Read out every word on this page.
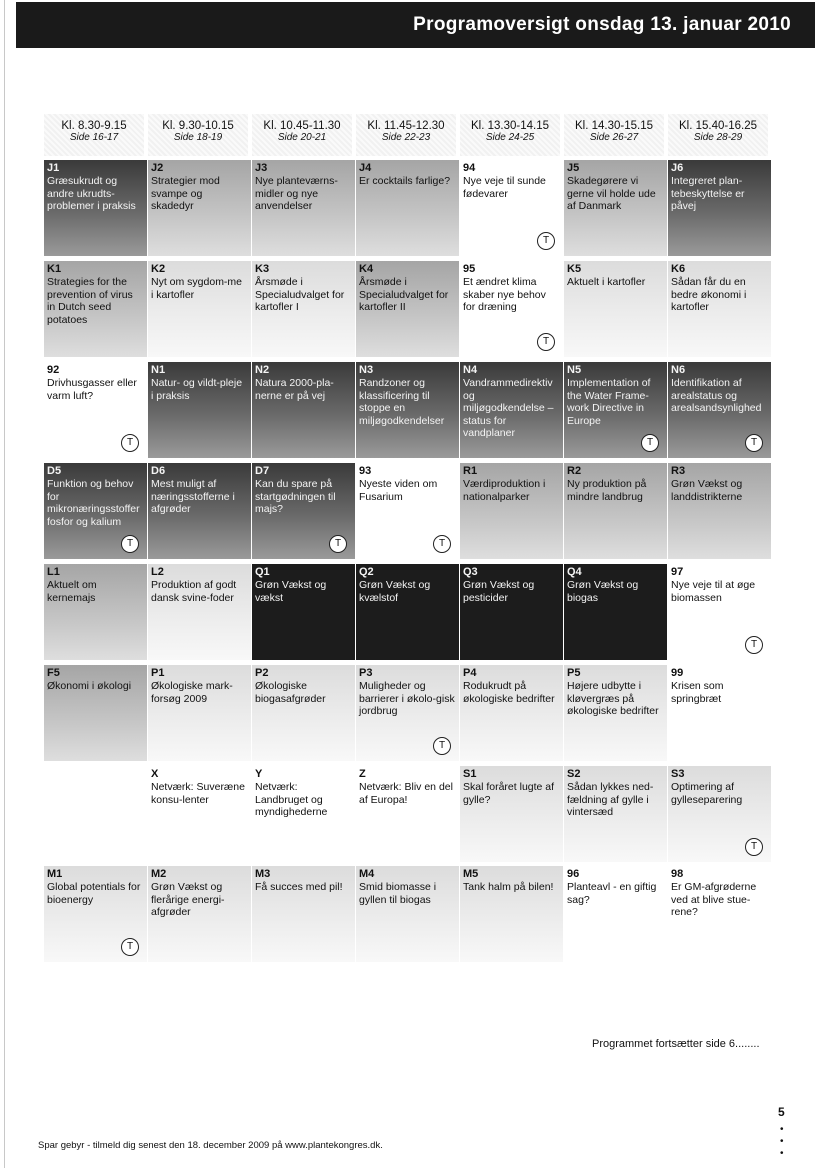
Programoversigt onsdag 13. januar 2010
Kl. 8.30-9.15
Side 16-17
Kl. 9.30-10.15
Side 18-19
Kl. 10.45-11.30
Side 20-21
Kl. 11.45-12.30
Side 22-23
Kl. 13.30-14.15
Side 24-25
Kl. 14.30-15.15
Side 26-27
Kl. 15.40-16.25
Side 28-29
J1
Græsukrudt og andre ukrudts-problemer i praksis
J2
Strategier mod svampe og skadedyr
J3
Nye planteværns-midler og nye anvendelser
J4
Er cocktails farlige?
94
Nye veje til sunde fødevarer
T
J5
Skadegørere vi gerne vil holde ude af Danmark
J6
Integreret plan-tebeskyttelse er påvej
K1
Strategies for the prevention of virus in Dutch seed potatoes
K2
Nyt om sygdom-me i kartofler
K3
Årsmøde i Specialudvalget for kartofler I
K4
Årsmøde i Specialudvalget for kartofler II
95
Et ændret klima skaber nye behov for dræning
T
K5
Aktuelt i kartofler
K6
Sådan får du en bedre økonomi i kartofler
92
Drivhusgasser eller varm luft?
T
N1
Natur- og vildt-pleje i praksis
N2
Natura 2000-pla-nerne er på vej
N3
Randzoner og klassificering til stoppe en miljøgodkendelser
N4
Vandrammedirektiv og miljøgodkendelse – status for vandplaner
N5
Implementation of the Water Frame-work Directive in Europe
T
N6
Identifikation af arealstatus og arealsandsynlighed
T
D5
Funktion og behov for mikronæringsstoffer fosfor og kalium
T
D6
Mest muligt af næringsstofferne i afgrøder
D7
Kan du spare på startgødningen til majs?
T
93
Nyeste viden om Fusarium
T
R1
Værdiproduktion i nationalparker
R2
Ny produktion på mindre landbrug
R3
Grøn Vækst og landdistrikterne
L1
Aktuelt om kernemajs
L2
Produktion af godt dansk svine-foder
Q1
Grøn Vækst og vækst
Q2
Grøn Vækst og kvælstof
Q3
Grøn Vækst og pesticider
Q4
Grøn Vækst og biogas
97
Nye veje til at øge biomassen
T
F5
Økonomi i økologi
P1
Økologiske mark-forsøg 2009
P2
Økologiske biogasafgrøder
P3
Muligheder og barrierer i økolo-gisk jordbrug
T
P4
Rodukrudt på økologiske bedrifter
P5
Højere udbytte i kløvergræs på økologiske bedrifter
99
Krisen som springbræt
X
Netværk: Suveræne konsu-lenter
Y
Netværk: Landbruget og myndighederne
Z
Netværk: Bliv en del af Europa!
S1
Skal foråret lugte af gylle?
S2
Sådan lykkes ned-fældning af gylle i vintersæd
S3
Optimering af gylleseparering
T
M1
Global potentials for bioenergy
T
M2
Grøn Vækst og flerårige energi-afgrøder
M3
Få succes med pil!
M4
Smid biomasse i gyllen til biogas
M5
Tank halm på bilen!
96
Planteavl - en giftig sag?
98
Er GM-afgrøderne ved at blive stue-rene?
Programmet fortsætter side 6........
5
•
•
•
Spar gebyr - tilmeld dig senest den 18. december 2009 på www.plantekongres.dk.
